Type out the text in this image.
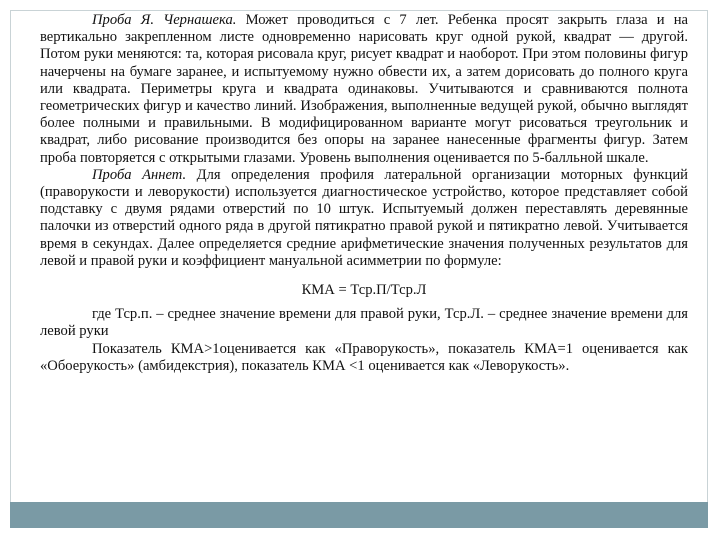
Проба Я. Чернашека. Может проводиться с 7 лет. Ребенка просят закрыть глаза и на вертикально закрепленном листе одновременно нарисовать круг одной рукой, квадрат — другой. Потом руки меняются: та, которая рисовала круг, рисует квадрат и наоборот. При этом половины фигур начерчены на бумаге заранее, и испытуемому нужно обвести их, а затем дорисовать до полного круга или квадрата. Периметры круга и квадрата одинаковы. Учитываются и сравниваются полнота геометрических фигур и качество линий. Изображения, выполненные ведущей рукой, обычно выглядят более полными и правильными. В модифицированном варианте могут рисоваться треугольник и квадрат, либо рисование производится без опоры на заранее нанесенные фрагменты фигур. Затем проба повторяется с открытыми глазами. Уровень выполнения оценивается по 5-балльной шкале.

Проба Аннет. Для определения профиля латеральной организации моторных функций (праворукости и леворукости) используется диагностическое устройство, которое представляет собой подставку с двумя рядами отверстий по 10 штук. Испытуемый должен переставлять деревянные палочки из отверстий одного ряда в другой пятикратно правой рукой и пятикратно левой. Учитывается время в секундах. Далее определяется средние арифметические значения полученных результатов для левой и правой руки и коэффициент мануальной асимметрии по формуле:

КМА = Тср.П/Тср.Л

где Тср.п. – среднее значение времени для правой руки, Тср.Л. – среднее значение времени для левой руки

Показатель КМА>1оценивается как «Праворукость», показатель КМА=1 оценивается как «Обоерукость» (амбидекстрия), показатель КМА <1 оценивается как «Леворукость».
